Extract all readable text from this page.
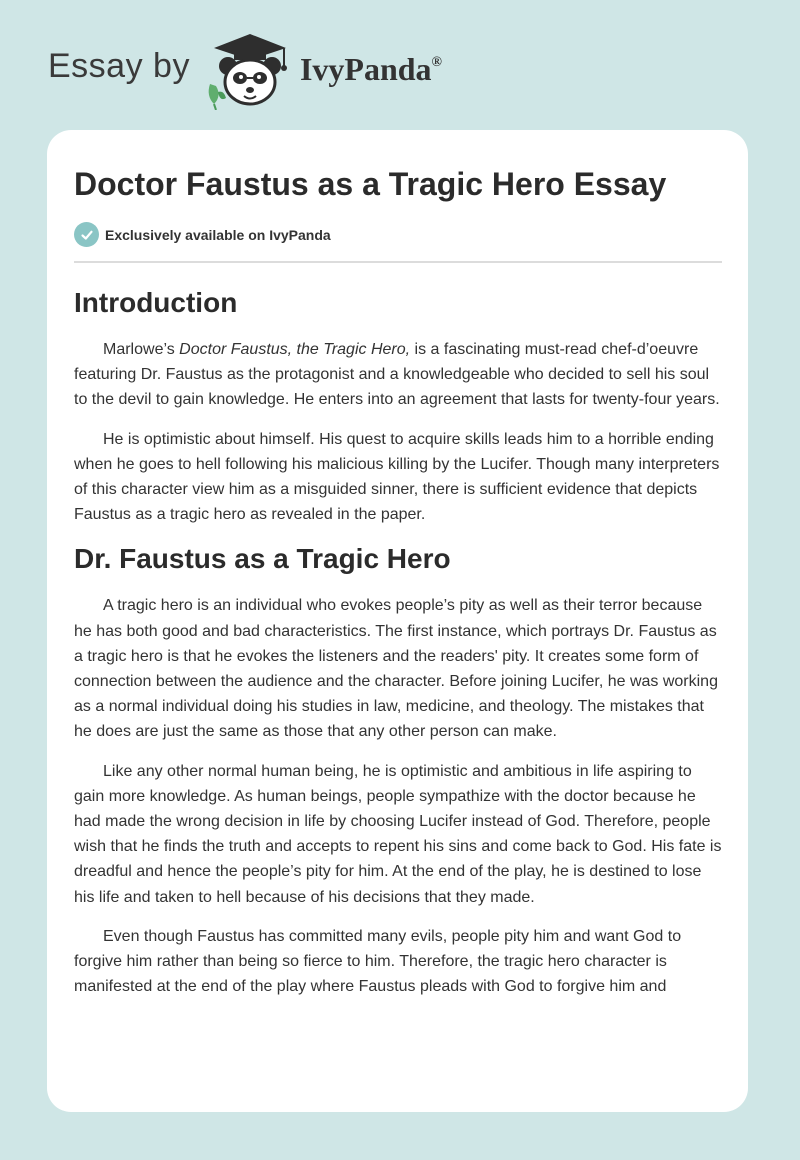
Essay by	IvyPanda®
Doctor Faustus as a Tragic Hero Essay
Exclusively available on IvyPanda
Introduction

Marlowe’s Doctor Faustus, the Tragic Hero, is a fascinating must-read chef-d’oeuvre featuring Dr. Faustus as the protagonist and a knowledgeable who decided to sell his soul to the devil to gain knowledge. He enters into an agreement that lasts for twenty-four years.

He is optimistic about himself. His quest to acquire skills leads him to a horrible ending when he goes to hell following his malicious killing by the Lucifer. Though many interpreters of this character view him as a misguided sinner, there is sufficient evidence that depicts Faustus as a tragic hero as revealed in the paper.

Dr. Faustus as a Tragic Hero

A tragic hero is an individual who evokes people’s pity as well as their terror because he has both good and bad characteristics. The first instance, which portrays Dr. Faustus as a tragic hero is that he evokes the listeners and the readers' pity. It creates some form of connection between the audience and the character. Before joining Lucifer, he was working as a normal individual doing his studies in law, medicine, and theology. The mistakes that he does are just the same as those that any other person can make.

Like any other normal human being, he is optimistic and ambitious in life aspiring to gain more knowledge. As human beings, people sympathize with the doctor because he had made the wrong decision in life by choosing Lucifer instead of God. Therefore, people wish that he finds the truth and accepts to repent his sins and come back to God. His fate is dreadful and hence the people’s pity for him. At the end of the play, he is destined to lose his life and taken to hell because of his decisions that they made.

Even though Faustus has committed many evils, people pity him and want God to forgive him rather than being so fierce to him. Therefore, the tragic hero character is manifested at the end of the play where Faustus pleads with God to forgive him and
